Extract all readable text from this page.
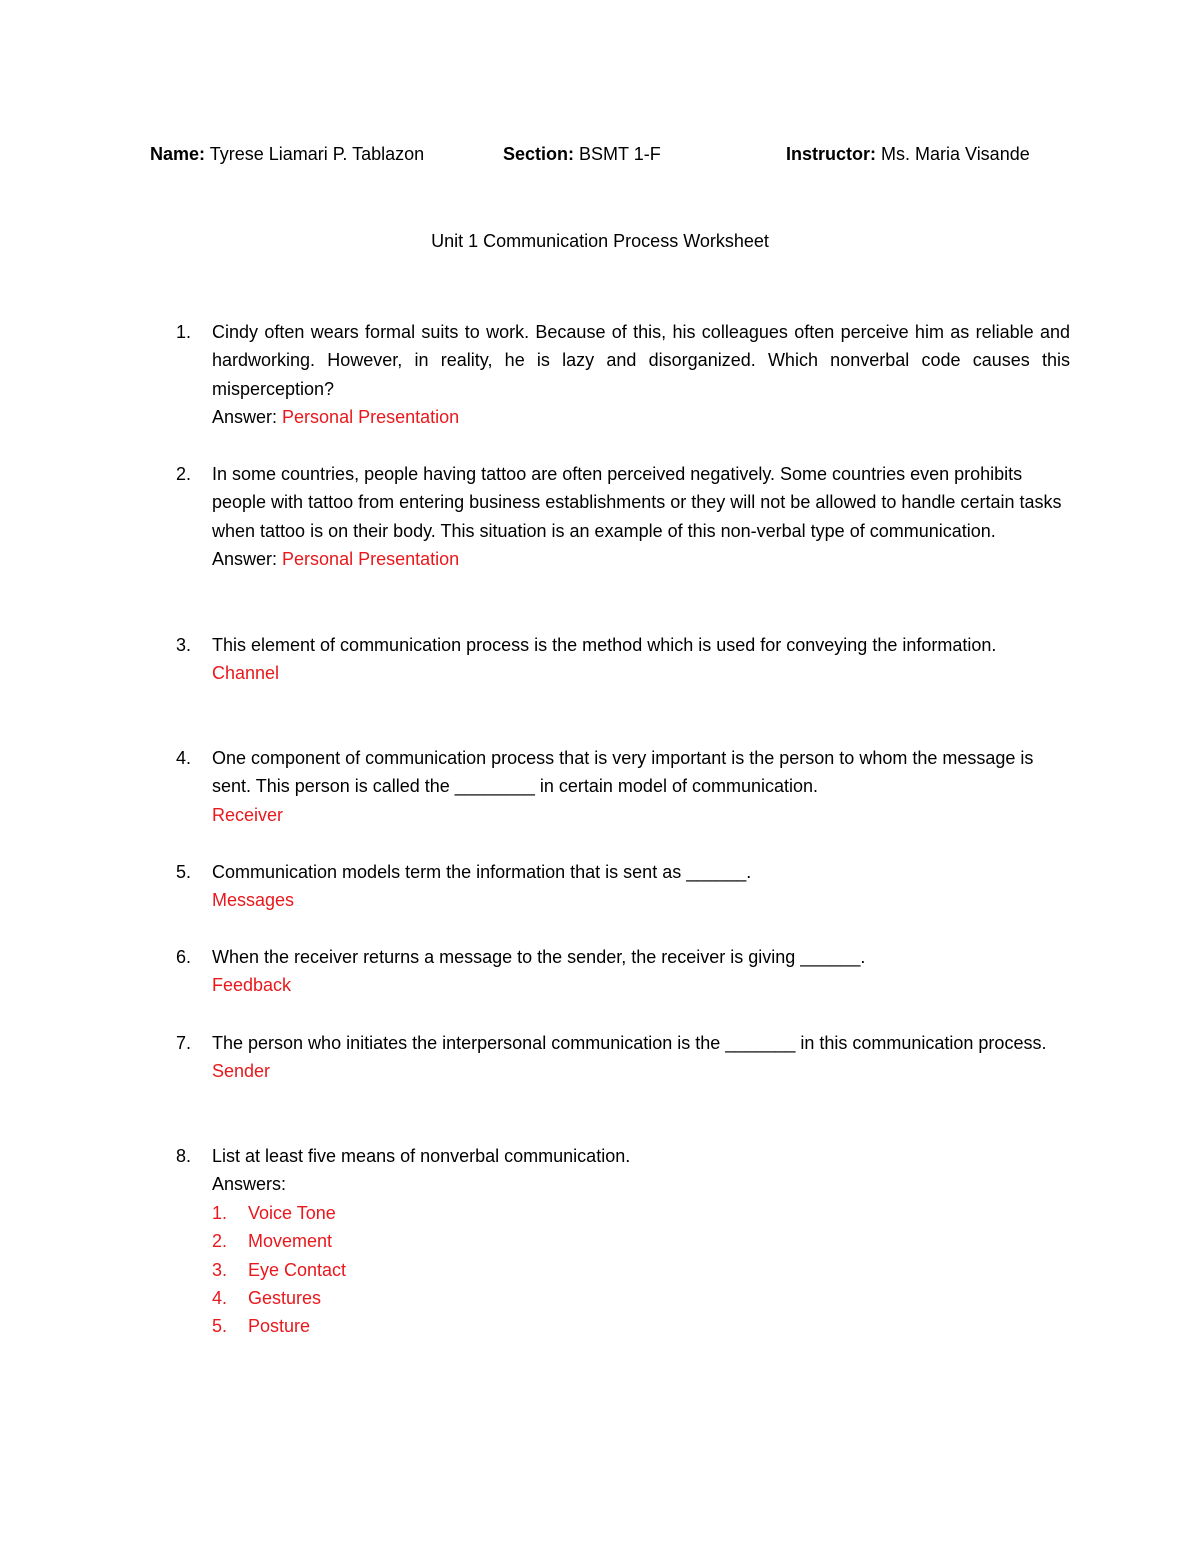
Name: Tyrese Liamari P. Tablazon	Section: BSMT 1-F	Instructor: Ms. Maria Visande
Unit 1 Communication Process Worksheet
1.	Cindy often wears formal suits to work. Because of this, his colleagues often perceive him as reliable and hardworking. However, in reality, he is lazy and disorganized. Which nonverbal code causes this misperception?
Answer: Personal Presentation
2.	In some countries, people having tattoo are often perceived negatively. Some countries even prohibits people with tattoo from entering business establishments or they will not be allowed to handle certain tasks when tattoo is on their body. This situation is an example of this non-verbal type of communication.
Answer: Personal Presentation
3.	This element of communication process is the method which is used for conveying the information.
Channel
4.	One component of communication process that is very important is the person to whom the message is sent. This person is called the ________ in certain model of communication.
Receiver
5.	Communication models term the information that is sent as ______.
Messages
6.	When the receiver returns a message to the sender, the receiver is giving ______.
Feedback
7.	The person who initiates the interpersonal communication is the _______ in this communication process.
Sender
8.	List at least five means of nonverbal communication.
Answers:
1. Voice Tone
2. Movement
3. Eye Contact
4. Gestures
5. Posture
